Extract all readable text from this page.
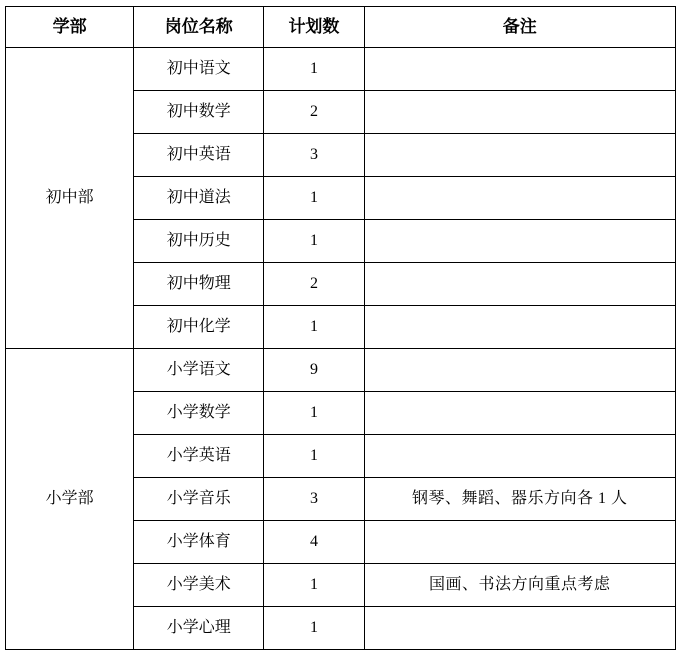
学部	岗位名称	计划数	备注
初中部	初中语文	1	
	初中数学	2	
	初中英语	3	
	初中道法	1	
	初中历史	1	
	初中物理	2	
	初中化学	1	
小学部	小学语文	9	
	小学数学	1	
	小学英语	1	
	小学音乐	3	钢琴、舞蹈、器乐方向各 1 人
	小学体育	4	
	小学美术	1	国画、书法方向重点考虑
	小学心理	1	
